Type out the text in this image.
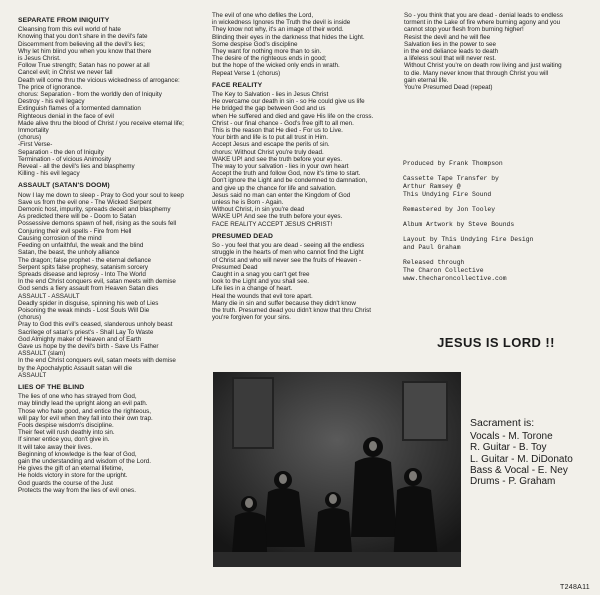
SEPARATE FROM INIQUITY
Cleansing from this evil world of hate
Knowing that you don't share in the devil's fate
Discernment from believing all the devil's lies;
Why let him blind you when you know that there
is Jesus Christ.
Follow True strength; Satan has no power at all
Cancel evil; in Christ we never fall
Death will come thru the vicious wickedness of arrogance:
The price of ignorance.
chorus: Separation - from the worldly den of Iniquity
Destroy - his evil legacy
Extinguish flames of a tormented damnation
Righteous denial in the face of evil
Made alive thru the blood of Christ / you receive eternal life;
Immortality
(chorus)
-First Verse-
Separation - the den of Iniquity
Termination - of vicious Animosity
Reveal - all the devil's lies and blasphemy
Killing - his evil legacy
ASSAULT (SATAN'S DOOM)
Now I lay me down to sleep - Pray to God your soul to keep
Save us from the evil one - The Wicked Serpent
Demonic host, impurity, spreads deceit and blasphemy
As predicted there will be - Doom to Satan
Possessive demons spawn of hell, rising as the souls fell
Conjuring their evil spells - Fire from Hell
Causing corrosion of the mind
Feeding on unfaithful, the weak and the blind
Satan, the beast, the unholy alliance
The dragon; false prophet - the eternal defiance
Serpent spits false prophesy, satanism sorcery
Spreads disease and leprosy - Into The World
In the end Christ conquers evil, satan meets with demise
God sends a fiery assault from Heaven Satan dies
ASSAULT - ASSAULT
Deadly spider in disguise, spinning his web of Lies
Poisoning the weak minds - Lost Souls Will Die
(chorus)
Pray to God this evil's ceased, slanderous unholy beast
Sacrilege of satan's priest's - Shall Lay To Waste
God Almighty maker of Heaven and of Earth
Gave us hope by the devil's birth - Save Us Father
ASSAULT (slam)
In the end Christ conquers evil, satan meets with demise
by the Apochalyptic Assault satan will die
ASSAULT
LIES OF THE BLIND
The lies of one who has strayed from God,
may blindly lead the upright along an evil path.
Those who hate good, and entice the righteous,
will pay for evil when they fall into their own trap.
Fools despise wisdom's discipline.
Their feet will rush deathly into sin.
If sinner entice you, don't give in.
It will take away their lives.
Beginning of knowledge is the fear of God,
gain the understanding and wisdom of the Lord.
He gives the gift of an eternal lifetime,
He holds victory in store for the upright.
God guards the course of the Just
Protects the way from the lies of evil ones.
The evil of one who defiles the Lord,
in wickedness Ignores the Truth the devil is inside
They know not why, it's an image of their world.
Blinding their eyes in the darkness that hides the Light.
Some despise God's discipline
They want for nothing more than to sin.
The desire of the righteous ends in good;
but the hope of the wicked only ends in wrath.
Repeat Verse 1 (chorus)
FACE REALITY
The Key to Salvation - lies in Jesus Christ
He overcame our death in sin - so He could give us life
He bridged the gap between God and us
when He suffered and died and gave His life on the cross.
Christ - our final chance - God's free gift to all men.
This is the reason that He died - For us to Live.
Your birth and life is to put all trust in Him.
Accept Jesus and escape the perils of sin.
chorus: Without Christ you're truly dead.
WAKE UP! and see the truth before your eyes.
The way to your salvation - lies in your own heart
Accept the truth and follow God, now it's time to start.
Don't ignore the Light and be condemned to damnation,
and give up the chance for life and salvation.
Jesus said no man can enter the Kingdom of God
unless he is Born - Again.
Without Christ, in sin you're dead
WAKE UP! And see the truth before your eyes.
FACE REALITY ACCEPT JESUS CHRIST!
PRESUMED DEAD
So - you feel that you are dead - seeing all the endless
struggle in the hearts of men who cannot find the Light
of Christ and who will never see the fruits of Heaven -
Presumed Dead
Caught in a snag you can't get free
look to the Light and you shall see.
Life lies in a change of heart.
Heal the wounds that evil tore apart.
Many die in sin and suffer because they didn't know
the truth. Presumed dead you didn't know that thru Christ
you're forgiven for your sins.
So - you think that you are dead - denial leads to endless
torment in the Lake of fire where burning agony and you
cannot stop your flesh from burning higher!
Resist the devil and he will flee
Salvation lies in the power to see
in the end deliance leads to death
a lifeless soul that will never rest.
Without Christ you're on death row living and just waiting
to die. Many never know that through Christ you will
gain eternal life.
You're Presumed Dead (repeat)
Produced by Frank Thompson
Cassette Tape Transfer by
Arthur Ramsey @
This Undying Fire Sound
Remastered by Jon Tooley
Album Artwork by Steve Bounds
Layout by This Undying Fire Design
and Paul Graham
Released through
The Charon Collective
www.thecharoncollective.com
JESUS IS LORD !!
Sacrament is:
Vocals - M. Torone
R. Guitar - B. Toy
L. Guitar - M. DiDonato
Bass & Vocal - E. Ney
Drums - P. Graham
T248A11
